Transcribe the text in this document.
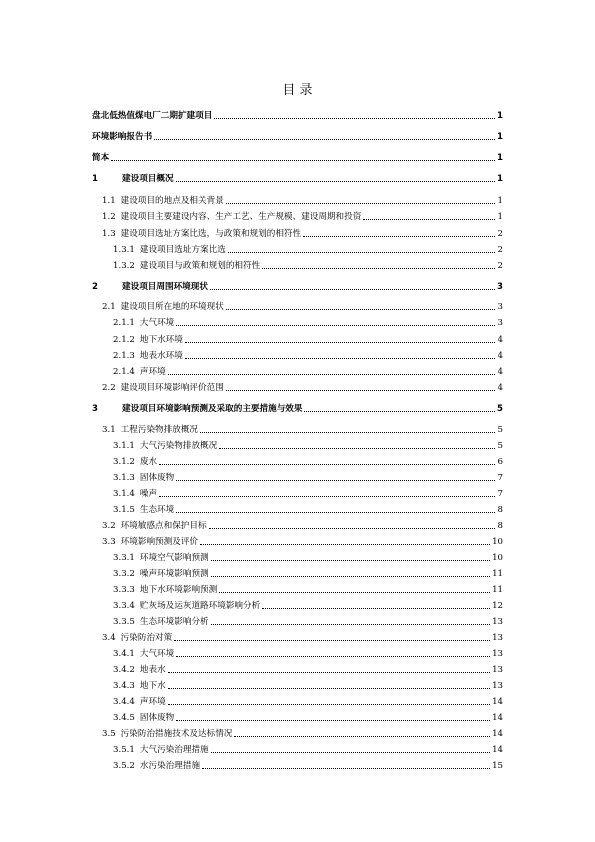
目 录
盘北低热值煤电厂二期扩建项目	1
环境影响报告书	1
简本	1
1	建设项目概况	1
1.1 建设项目的地点及相关背景	1
1.2 建设项目主要建设内容、生产工艺、生产规模、建设周期和投资	1
1.3 建设项目选址方案比选，与政策和规划的相符性	2
1.3.1 建设项目选址方案比选	2
1.3.2 建设项目与政策和规划的相符性	2
2	建设项目周围环境现状	3
2.1 建设项目所在地的环境现状	3
2.1.1 大气环境	3
2.1.2 地下水环境	4
2.1.3 地表水环境	4
2.1.4 声环境	4
2.2 建设项目环境影响评价范围	4
3	建设项目环境影响预测及采取的主要措施与效果	5
3.1 工程污染物排放概况	5
3.1.1 大气污染物排放概况	5
3.1.2 废水	6
3.1.3 固体废物	7
3.1.4 噪声	7
3.1.5 生态环境	8
3.2 环境敏感点和保护目标	8
3.3 环境影响预测及评价	10
3.3.1 环境空气影响预测	10
3.3.2 噪声环境影响预测	11
3.3.3 地下水环境影响预测	11
3.3.4 贮灰场及运灰道路环境影响分析	12
3.3.5 生态环境影响分析	13
3.4 污染防治对策	13
3.4.1 大气环境	13
3.4.2 地表水	13
3.4.3 地下水	13
3.4.4 声环境	14
3.4.5 固体废物	14
3.5 污染防治措施技术及达标情况	14
3.5.1 大气污染治理措施	14
3.5.2 水污染治理措施	15
